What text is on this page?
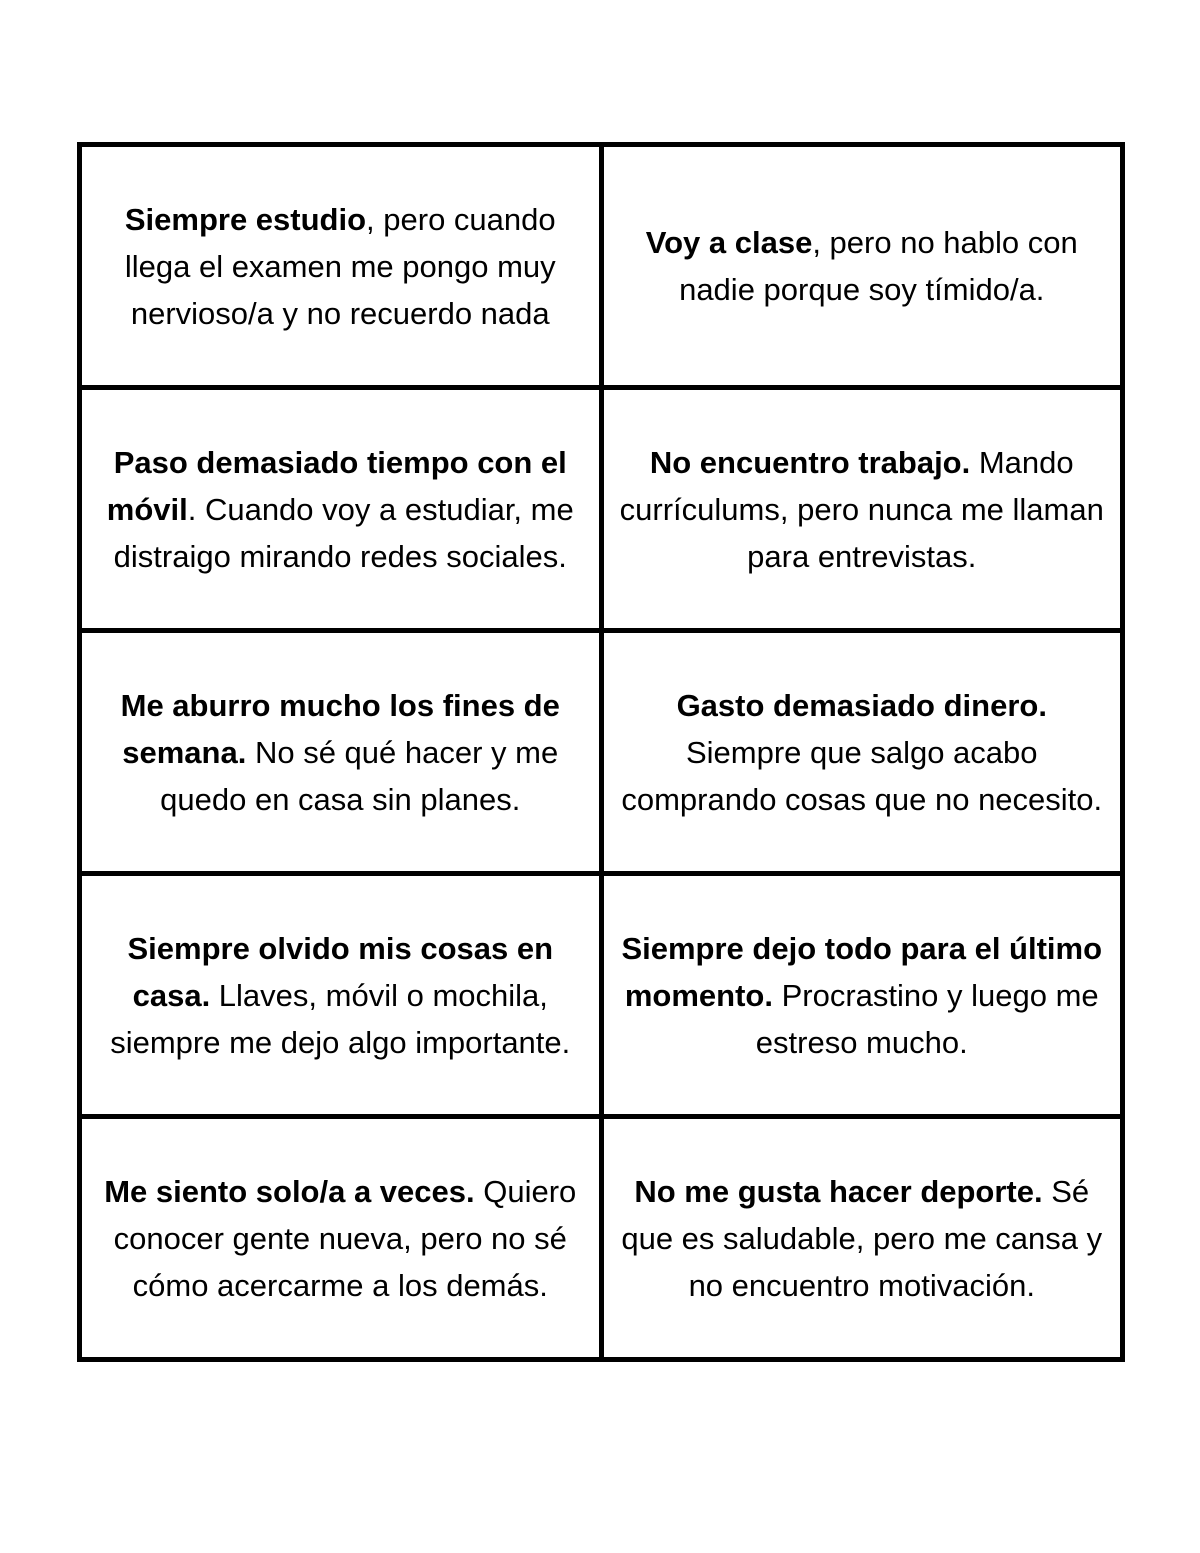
Siempre estudio, pero cuando llega el examen me pongo muy nervioso/a y no recuerdo nada	Voy a clase, pero no hablo con nadie porque soy tímido/a.
Paso demasiado tiempo con el móvil. Cuando voy a estudiar, me distraigo mirando redes sociales.	No encuentro trabajo. Mando currículums, pero nunca me llaman para entrevistas.
Me aburro mucho los fines de semana. No sé qué hacer y me quedo en casa sin planes.	Gasto demasiado dinero. Siempre que salgo acabo comprando cosas que no necesito.
Siempre olvido mis cosas en casa. Llaves, móvil o mochila, siempre me dejo algo importante.	Siempre dejo todo para el último momento. Procrastino y luego me estreso mucho.
Me siento solo/a a veces. Quiero conocer gente nueva, pero no sé cómo acercarme a los demás.	No me gusta hacer deporte. Sé que es saludable, pero me cansa y no encuentro motivación.
